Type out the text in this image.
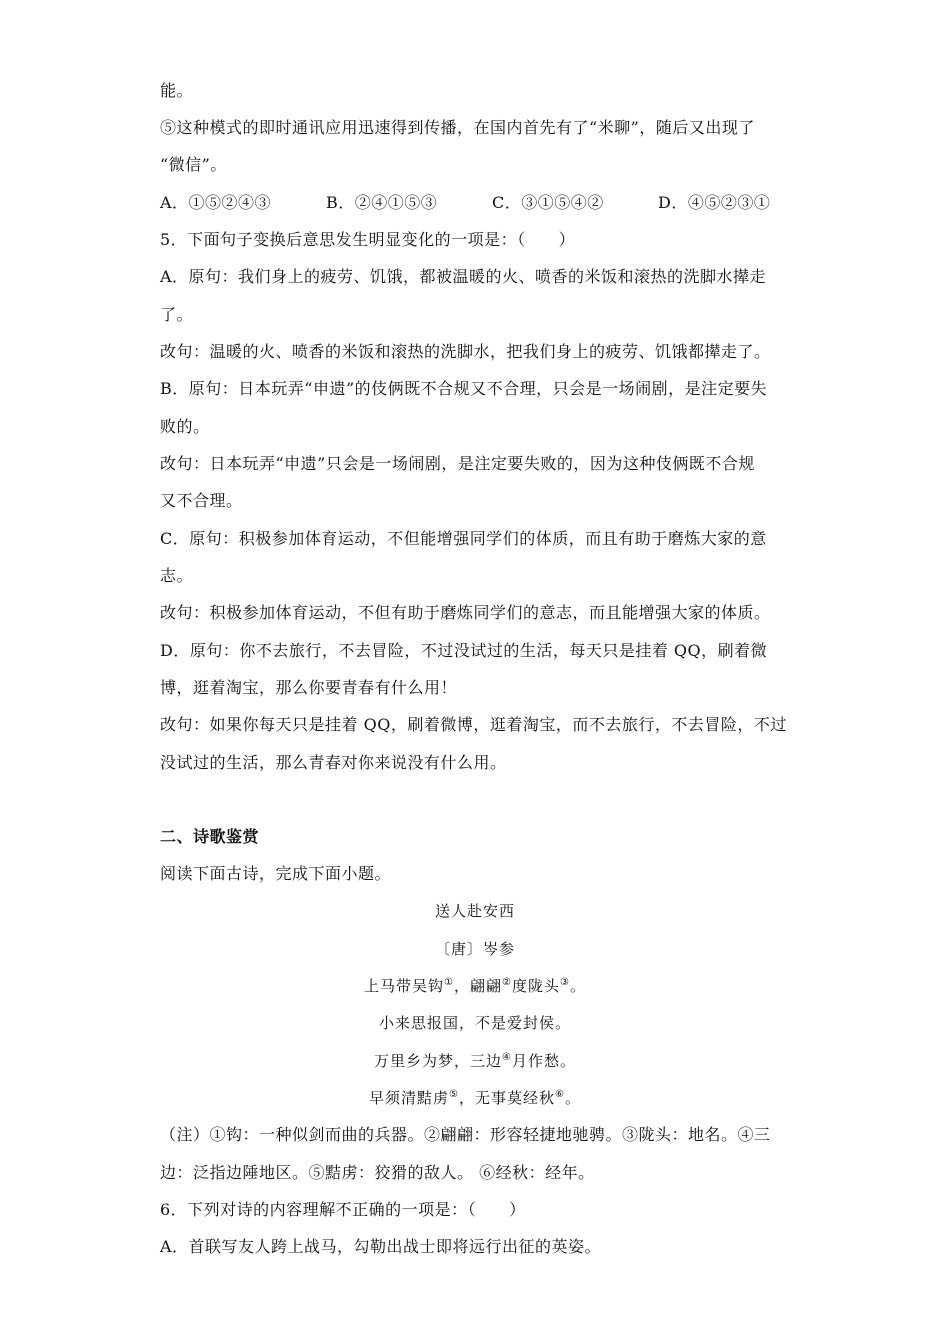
能。
⑤这种模式的即时通讯应用迅速得到传播，在国内首先有了“米聊”，随后又出现了
“微信”。
A．①⑤②④③	B．②④①⑤③	C．③①⑤④②	D．④⑤②③①
5．下面句子变换后意思发生明显变化的一项是：（　　）
A．原句：我们身上的疲劳、饥饿，都被温暖的火、喷香的米饭和滚热的洗脚水撵走
了。
改句：温暖的火、喷香的米饭和滚热的洗脚水，把我们身上的疲劳、饥饿都撵走了。
B．原句：日本玩弄“申遗”的伎俩既不合规又不合理，只会是一场闹剧，是注定要失
败的。
改句：日本玩弄“申遗”只会是一场闹剧，是注定要失败的，因为这种伎俩既不合规
又不合理。
C．原句：积极参加体育运动，不但能增强同学们的体质，而且有助于磨炼大家的意
志。
改句：积极参加体育运动，不但有助于磨炼同学们的意志，而且能增强大家的体质。
D．原句：你不去旅行，不去冒险，不过没试过的生活，每天只是挂着 QQ，刷着微
博，逛着淘宝，那么你要青春有什么用！
改句：如果你每天只是挂着 QQ，刷着微博，逛着淘宝，而不去旅行，不去冒险，不过
没试过的生活，那么青春对你来说没有什么用。
二、诗歌鉴赏
阅读下面古诗，完成下面小题。
送人赴安西
〔唐〕岑参
上马带吴钩①，翩翩②度陇头③。
小来思报国，不是爱封侯。
万里乡为梦，三边④月作愁。
早须清黠虏⑤，无事莫经秋⑥。
（注）①钩：一种似剑而曲的兵器。②翩翩：形容轻捷地驰骋。③陇头：地名。④三
边：泛指边陲地区。⑤黠虏：狡猾的敌人。 ⑥经秋：经年。
6．下列对诗的内容理解不正确的一项是：（　　）
A．首联写友人跨上战马，勾勒出战士即将远行出征的英姿。
